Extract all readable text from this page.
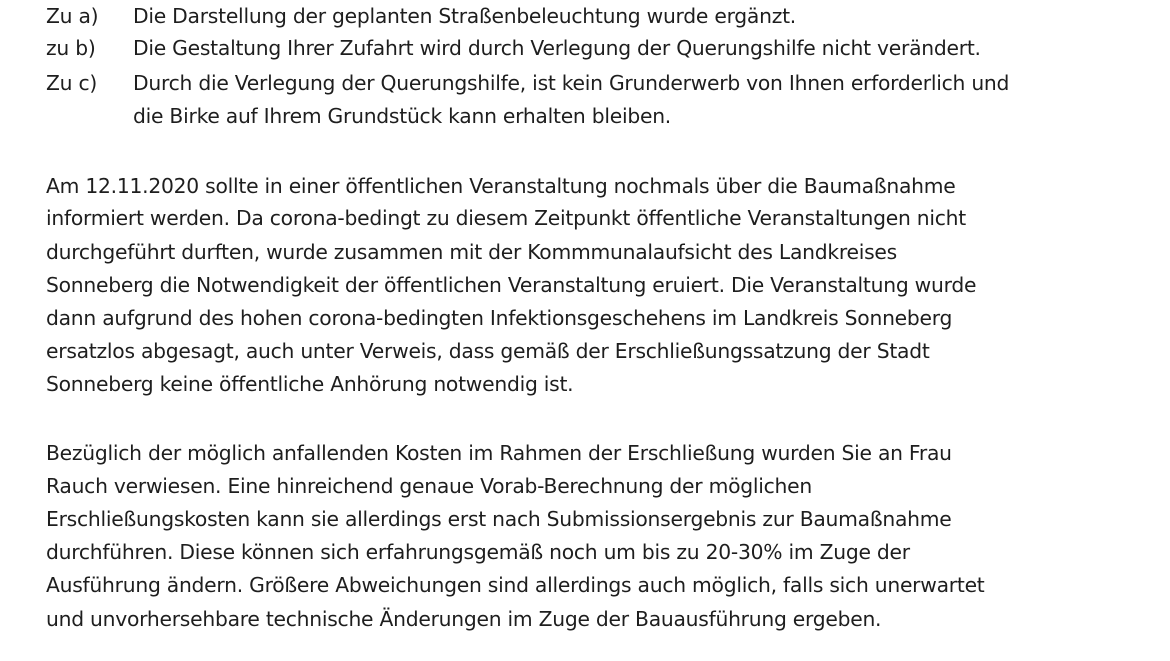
Zu a) Die Darstellung der geplanten Straßenbeleuchtung wurde ergänzt.
zu b) Die Gestaltung Ihrer Zufahrt wird durch Verlegung der Querungshilfe nicht verändert.
Zu c) Durch die Verlegung der Querungshilfe, ist kein Grunderwerb von Ihnen erforderlich und
die Birke auf Ihrem Grundstück kann erhalten bleiben.
Am 12.11.2020 sollte in einer öffentlichen Veranstaltung nochmals über die Baumaßnahme
informiert werden. Da corona-bedingt zu diesem Zeitpunkt öffentliche Veranstaltungen nicht
durchgeführt durften, wurde zusammen mit der Kommmunalaufsicht des Landkreises
Sonneberg die Notwendigkeit der öffentlichen Veranstaltung eruiert. Die Veranstaltung wurde
dann aufgrund des hohen corona-bedingten Infektionsgeschehens im Landkreis Sonneberg
ersatzlos abgesagt, auch unter Verweis, dass gemäß der Erschließungssatzung der Stadt
Sonneberg keine öffentliche Anhörung notwendig ist.
Bezüglich der möglich anfallenden Kosten im Rahmen der Erschließung wurden Sie an Frau
Rauch verwiesen. Eine hinreichend genaue Vorab-Berechnung der möglichen
Erschließungskosten kann sie allerdings erst nach Submissionsergebnis zur Baumaßnahme
durchführen. Diese können sich erfahrungsgemäß noch um bis zu 20-30% im Zuge der
Ausführung ändern. Größere Abweichungen sind allerdings auch möglich, falls sich unerwartet
und unvorhersehbare technische Änderungen im Zuge der Bauausführung ergeben.
